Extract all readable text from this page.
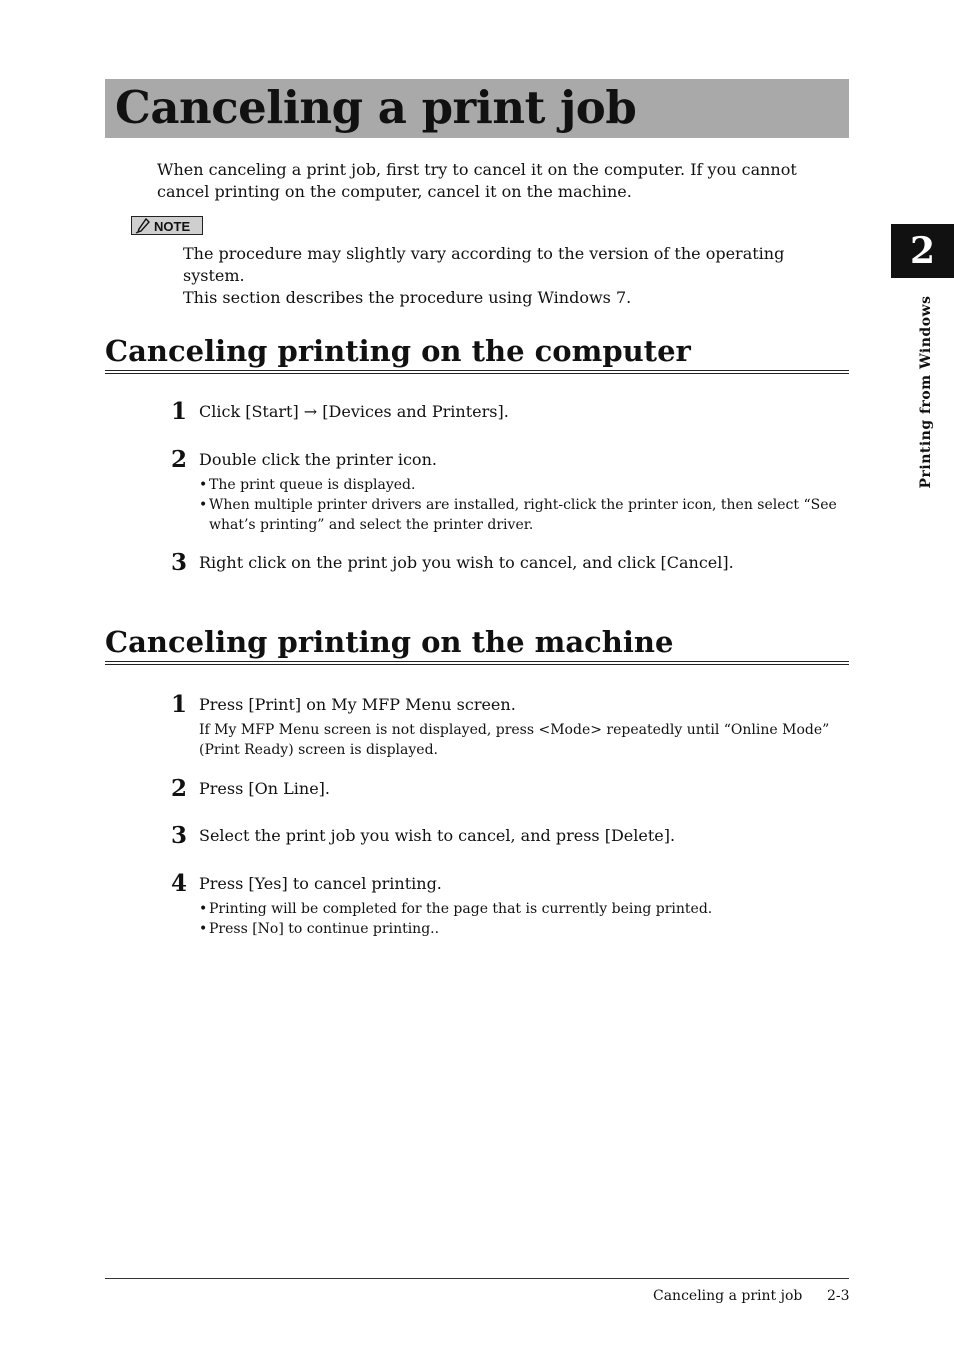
Canceling a print job
When canceling a print job, first try to cancel it on the computer. If you cannot cancel printing on the computer, cancel it on the machine.
NOTE
The procedure may slightly vary according to the version of the operating system.
This section describes the procedure using Windows 7.
Canceling printing on the computer
1 Click [Start] → [Devices and Printers].
2 Double click the printer icon.
• The print queue is displayed.
• When multiple printer drivers are installed, right-click the printer icon, then select “See what’s printing” and select the printer driver.
3 Right click on the print job you wish to cancel, and click [Cancel].
Canceling printing on the machine
1 Press [Print] on My MFP Menu screen.
If My MFP Menu screen is not displayed, press <Mode> repeatedly until “Online Mode” (Print Ready) screen is displayed.
2 Press [On Line].
3 Select the print job you wish to cancel, and press [Delete].
4 Press [Yes] to cancel printing.
• Printing will be completed for the page that is currently being printed.
• Press [No] to continue printing..
2
Printing from Windows
Canceling a print job 2-3
